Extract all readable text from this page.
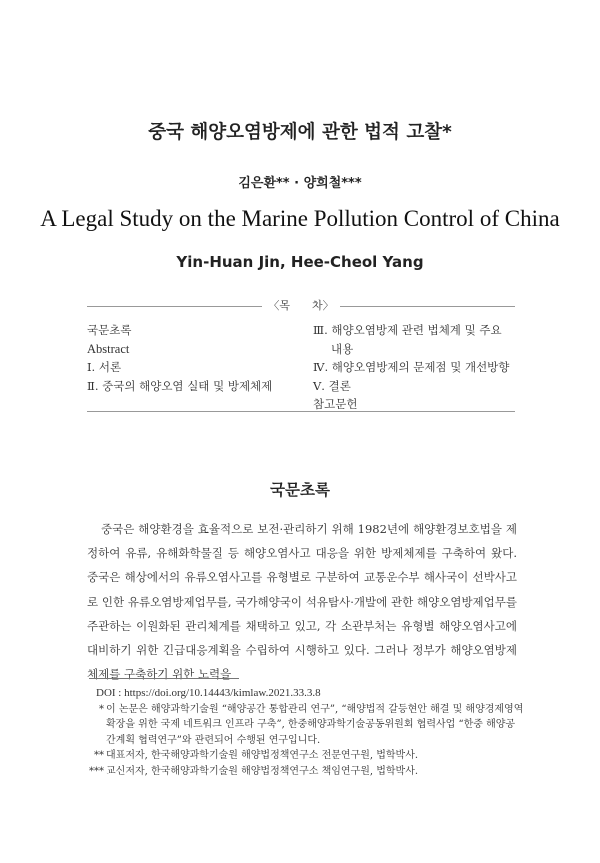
중국 해양오염방제에 관한 법적 고찰*
김은환** · 양희철***
A Legal Study on the Marine Pollution Control of China
Yin-Huan Jin, Hee-Cheol Yang
〈목　　차〉
국문초록
Abstract
Ⅰ. 서론
Ⅱ. 중국의 해양오염 실태 및 방제체제
Ⅲ. 해양오염방제 관련 법체계 및 주요
내용
Ⅳ. 해양오염방제의 문제점 및 개선방향
Ⅴ. 결론
참고문헌
국문초록

중국은 해양환경을 효율적으로 보전·관리하기 위해 1982년에 해양환경보호법을 제정하여 유류, 유해화학물질 등 해양오염사고 대응을 위한 방제체제를 구축하여 왔다. 중국은 해상에서의 유류오염사고를 유형별로 구분하여 교통운수부 해사국이 선박사고로 인한 유류오염방제업무를, 국가해양국이 석유탐사·개발에 관한 해양오염방제업무를 주관하는 이원화된 관리체계를 채택하고 있고, 각 소관부처는 유형별 해양오염사고에 대비하기 위한 긴급대응계획을 수립하여 시행하고 있다. 그러나 정부가 해양오염방제체제를 구축하기 위한 노력을

DOI : https://doi.org/10.14443/kimlaw.2021.33.3.8
* 이 논문은 해양과학기술원 “해양공간 통합관리 연구”, “해양법적 갈등현안 해결 및 해양경제영역 확장을 위한 국제 네트워크 인프라 구축”, 한중해양과학기술공동위원회 협력사업 “한중 해양공간계획 협력연구”와 관련되어 수행된 연구입니다.
** 대표저자, 한국해양과학기술원 해양법정책연구소 전문연구원, 법학박사.
*** 교신저자, 한국해양과학기술원 해양법정책연구소 책임연구원, 법학박사.
